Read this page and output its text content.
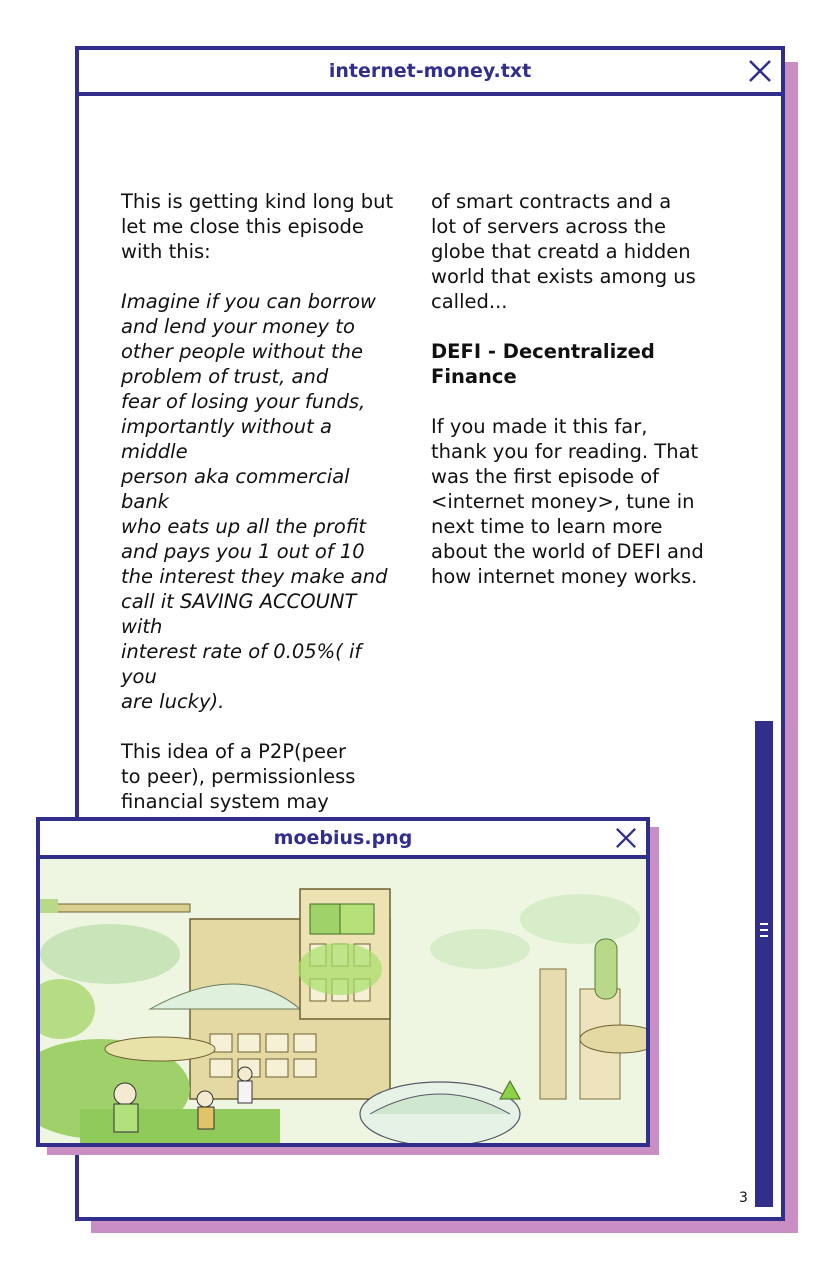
internet-money.txt

This is getting kind long but
let me close this episode
with this:

Imagine if you can borrow
and lend your money to
other people without the
problem of trust, and
fear of losing your funds,
importantly without a middle
person aka commercial bank
who eats up all the profit
and pays you 1 out of 10
the interest they make and
call it SAVING ACCOUNT with
interest rate of 0.05%( if you
are lucky).

This idea of a P2P(peer
to peer), permissionless
financial system may

of smart contracts and a
lot of servers across the
globe that creatd a hidden
world that exists among us
called...

DEFI - Decentralized
Finance

If you made it this far,
thank you for reading. That
was the first episode of
<internet money>, tune in
next time to learn more
about the world of DEFI and
how internet money works.

3
moebius.png
